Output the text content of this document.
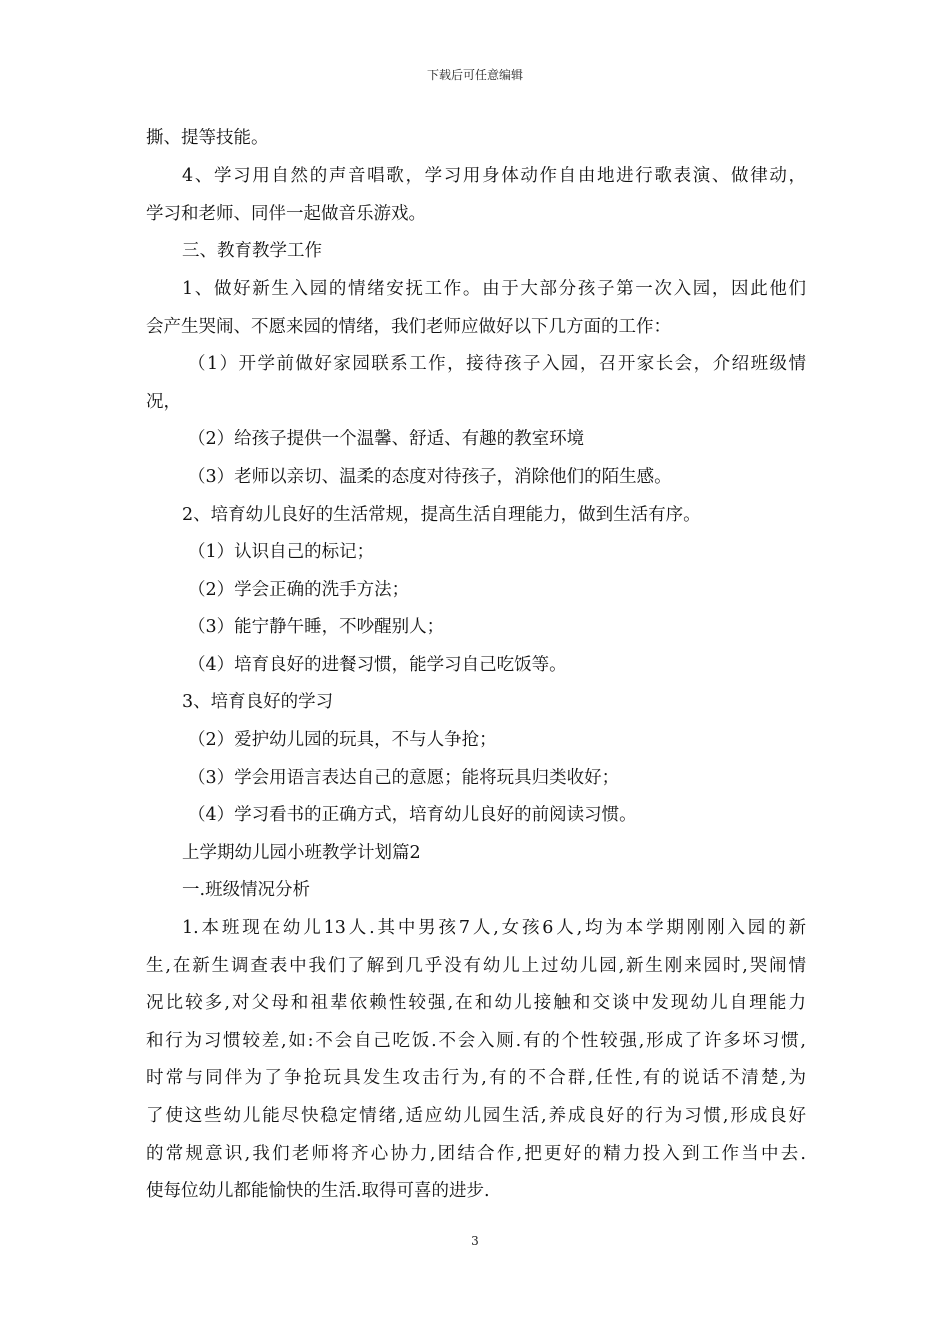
下载后可任意编辑
撕、提等技能。
4、学习用自然的声音唱歌，学习用身体动作自由地进行歌表演、做律动，
学习和老师、同伴一起做音乐游戏。
三、教育教学工作
1、做好新生入园的情绪安抚工作。由于大部分孩子第一次入园，因此他们
会产生哭闹、不愿来园的情绪，我们老师应做好以下几方面的工作：
（1）开学前做好家园联系工作，接待孩子入园，召开家长会，介绍班级情
况，
（2）给孩子提供一个温馨、舒适、有趣的教室环境
（3）老师以亲切、温柔的态度对待孩子，消除他们的陌生感。
2、培育幼儿良好的生活常规，提高生活自理能力，做到生活有序。
（1）认识自己的标记；
（2）学会正确的洗手方法；
（3）能宁静午睡，不吵醒别人；
（4）培育良好的进餐习惯，能学习自己吃饭等。
3、培育良好的学习
（2）爱护幼儿园的玩具，不与人争抢；
（3）学会用语言表达自己的意愿；能将玩具归类收好；
（4）学习看书的正确方式，培育幼儿良好的前阅读习惯。
上学期幼儿园小班教学计划篇2
一.班级情况分析
1.本班现在幼儿13人.其中男孩7人,女孩6人,均为本学期刚刚入园的新
生,在新生调查表中我们了解到几乎没有幼儿上过幼儿园,新生刚来园时,哭闹情
况比较多,对父母和祖辈依赖性较强,在和幼儿接触和交谈中发现幼儿自理能力
和行为习惯较差,如:不会自己吃饭.不会入厕.有的个性较强,形成了许多坏习惯,
时常与同伴为了争抢玩具发生攻击行为,有的不合群,任性,有的说话不清楚,为
了使这些幼儿能尽快稳定情绪,适应幼儿园生活,养成良好的行为习惯,形成良好
的常规意识,我们老师将齐心协力,团结合作,把更好的精力投入到工作当中去.
使每位幼儿都能愉快的生活.取得可喜的进步.
3
